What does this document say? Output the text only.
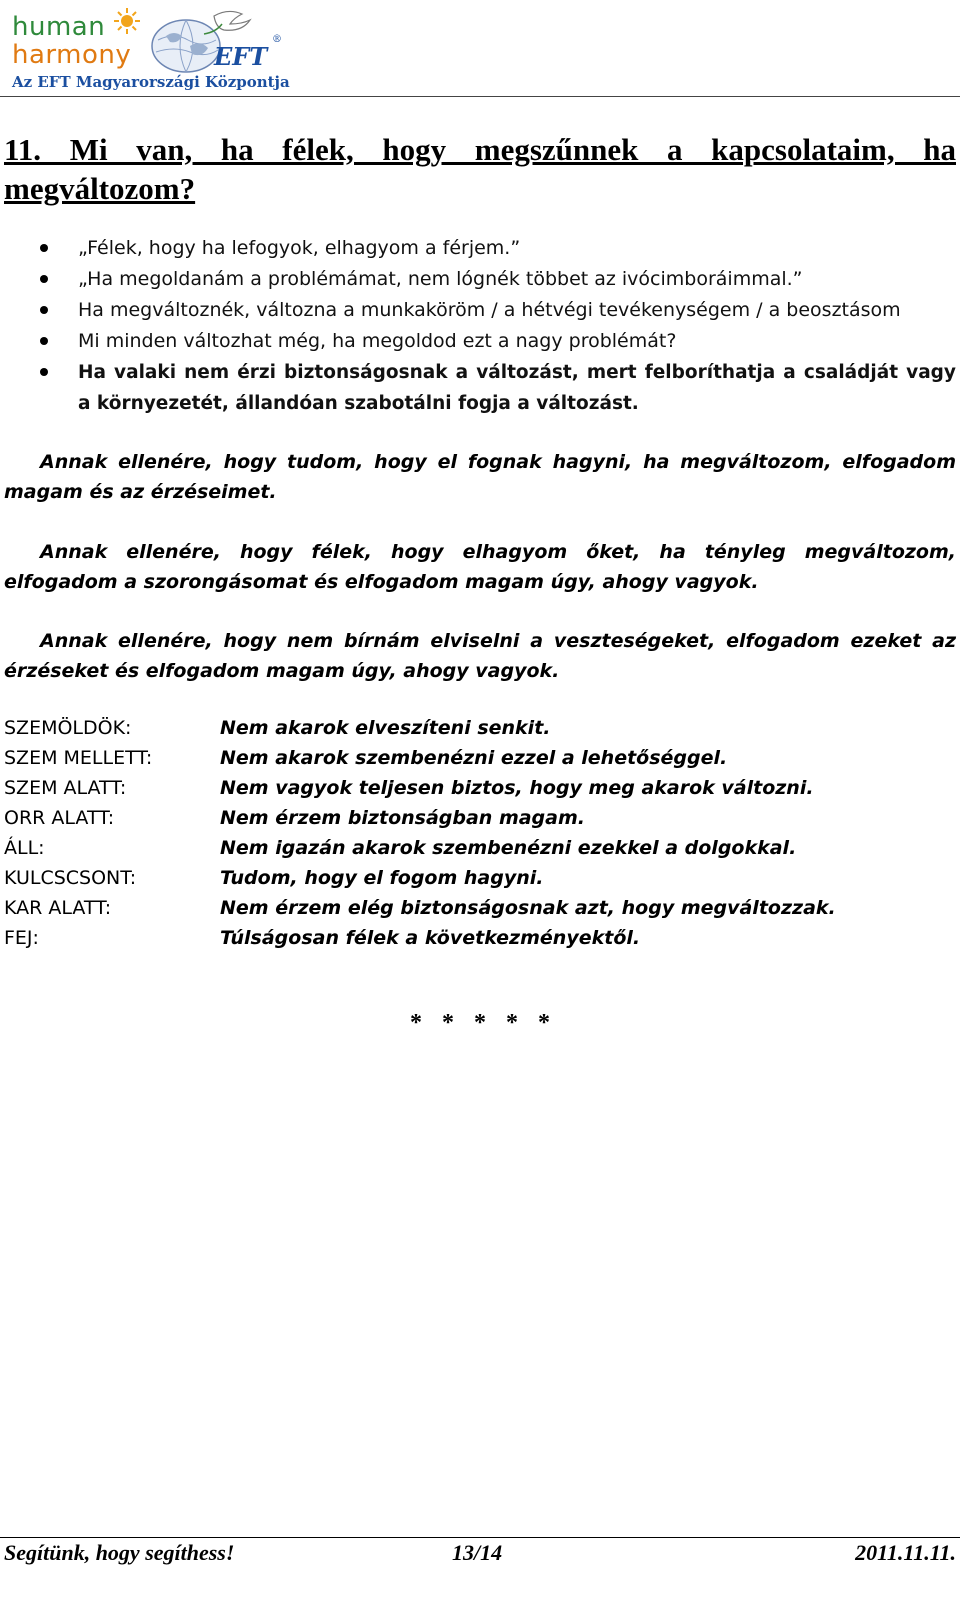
human
harmony	EFT
®
Az EFT Magyarországi Központja
11. Mi van, ha félek, hogy megszűnnek a kapcsolataim, ha megváltozom?
„Félek, hogy ha lefogyok, elhagyom a férjem.”
„Ha megoldanám a problémámat, nem lógnék többet az ivócimboráimmal.”
Ha megváltoznék, változna a munkaköröm / a hétvégi tevékenységem / a beosztásom
Mi minden változhat még, ha megoldod ezt a nagy problémát?
Ha valaki nem érzi biztonságosnak a változást, mert felboríthatja a családját vagy a környezetét, állandóan szabotálni fogja a változást.

Annak ellenére, hogy tudom, hogy el fognak hagyni, ha megváltozom, elfogadom magam és az érzéseimet.

Annak ellenére, hogy félek, hogy elhagyom őket, ha tényleg megváltozom, elfogadom a szorongásomat és elfogadom magam úgy, ahogy vagyok.

Annak ellenére, hogy nem bírnám elviselni a veszteségeket, elfogadom ezeket az érzéseket és elfogadom magam úgy, ahogy vagyok.

SZEMÖLDÖK:	Nem akarok elveszíteni senkit.
SZEM MELLETT:	Nem akarok szembenézni ezzel a lehetőséggel.
SZEM ALATT:	Nem vagyok teljesen biztos, hogy meg akarok változni.
ORR ALATT:	Nem érzem biztonságban magam.
ÁLL:	Nem igazán akarok szembenézni ezekkel a dolgokkal.
KULCSCSONT:	Tudom, hogy el fogom hagyni.
KAR ALATT:	Nem érzem elég biztonságosnak azt, hogy megváltozzak.
FEJ:	Túlságosan félek a következményektől.
* * * * *
Segítünk, hogy segíthess!	13/14	2011.11.11.
